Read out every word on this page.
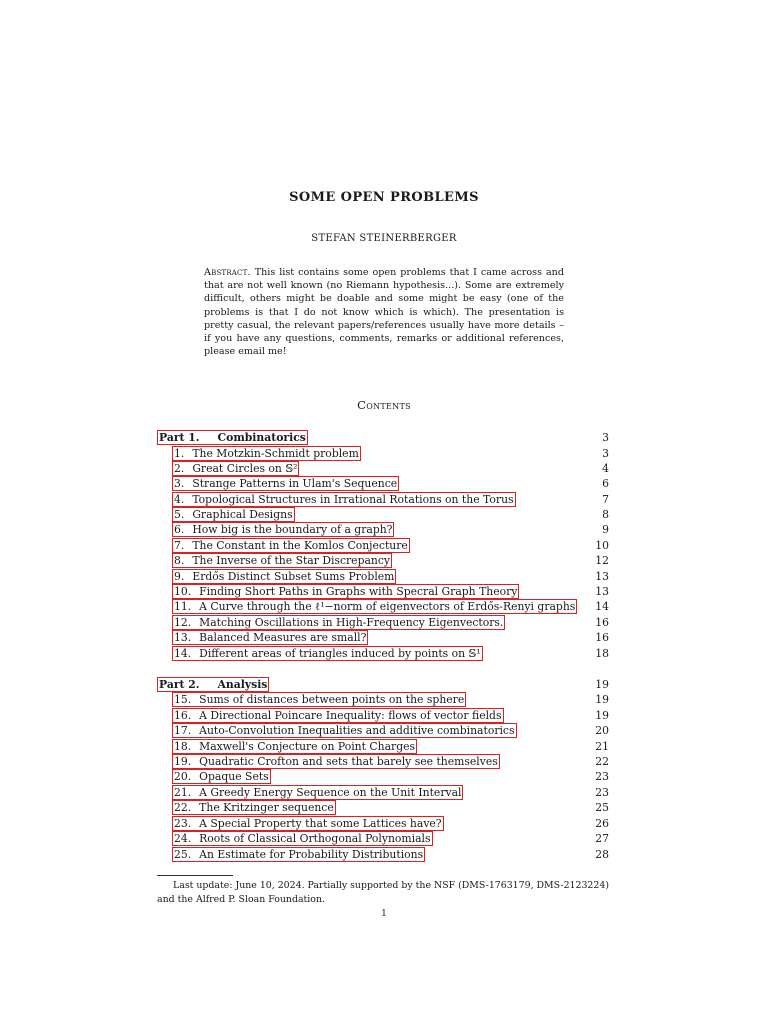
SOME OPEN PROBLEMS
STEFAN STEINERBERGER
Abstract. This list contains some open problems that I came across and that are not well known (no Riemann hypothesis...). Some are extremely difficult, others might be doable and some might be easy (one of the problems is that I do not know which is which). The presentation is pretty casual, the relevant papers/references usually have more details – if you have any questions, comments, remarks or additional references, please email me!
Contents
Part 1. Combinatorics	3
1. The Motzkin-Schmidt problem	3
2. Great Circles on 𝕊²	4
3. Strange Patterns in Ulam's Sequence	6
4. Topological Structures in Irrational Rotations on the Torus	7
5. Graphical Designs	8
6. How big is the boundary of a graph?	9
7. The Constant in the Komlos Conjecture	10
8. The Inverse of the Star Discrepancy	12
9. Erdős Distinct Subset Sums Problem	13
10. Finding Short Paths in Graphs with Specral Graph Theory	13
11. A Curve through the ℓ¹−norm of eigenvectors of Erdős-Renyi graphs 14
12. Matching Oscillations in High-Frequency Eigenvectors.	16
13. Balanced Measures are small?	16
14. Different areas of triangles induced by points on 𝕊¹	18
Part 2. Analysis	19
15. Sums of distances between points on the sphere	19
16. A Directional Poincare Inequality: flows of vector fields	19
17. Auto-Convolution Inequalities and additive combinatorics	20
18. Maxwell's Conjecture on Point Charges	21
19. Quadratic Crofton and sets that barely see themselves	22
20. Opaque Sets	23
21. A Greedy Energy Sequence on the Unit Interval	23
22. The Kritzinger sequence	25
23. A Special Property that some Lattices have?	26
24. Roots of Classical Orthogonal Polynomials	27
25. An Estimate for Probability Distributions	28
Last update: June 10, 2024. Partially supported by the NSF (DMS-1763179, DMS-2123224) and the Alfred P. Sloan Foundation.
1
